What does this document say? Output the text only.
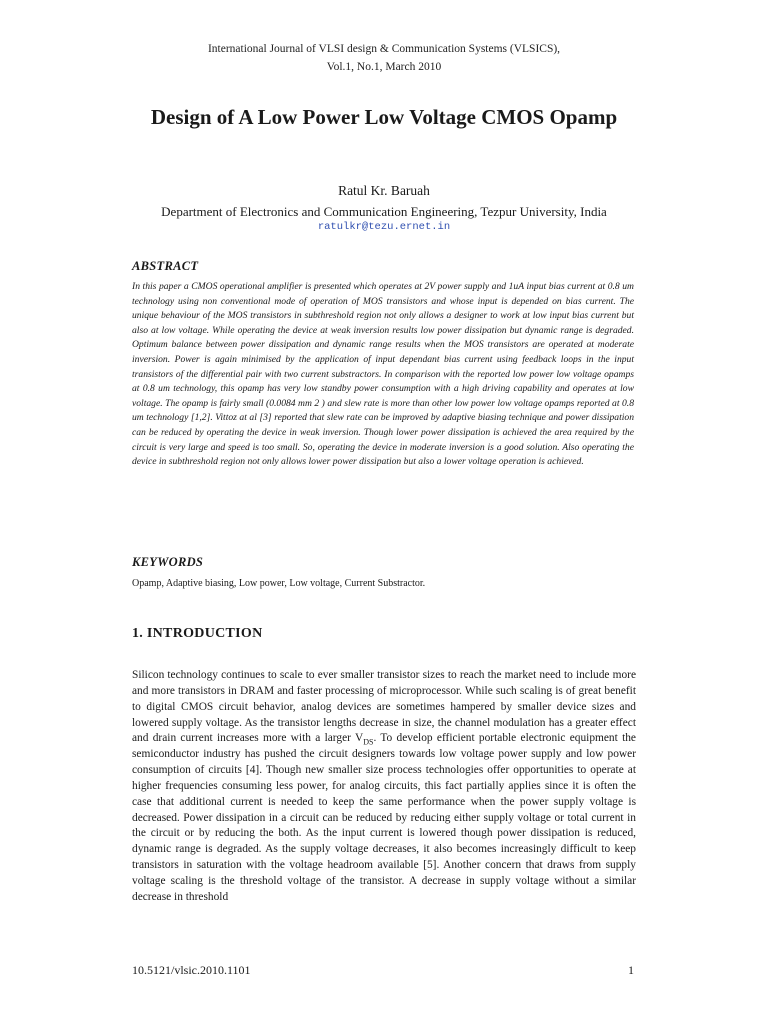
International Journal of VLSI design & Communication Systems (VLSICS),
Vol.1, No.1, March 2010
Design of A Low Power Low Voltage CMOS Opamp
Ratul Kr. Baruah
Department of Electronics and Communication Engineering, Tezpur University, India
ratulkr@tezu.ernet.in
ABSTRACT

In this paper a CMOS operational amplifier is presented which operates at 2V power supply and 1uA input bias current at 0.8 um technology using non conventional mode of operation of MOS transistors and whose input is depended on bias current. The unique behaviour of the MOS transistors in subthreshold region not only allows a designer to work at low input bias current but also at low voltage. While operating the device at weak inversion results low power dissipation but dynamic range is degraded. Optimum balance between power dissipation and dynamic range results when the MOS transistors are operated at moderate inversion. Power is again minimised by the application of input dependant bias current using feedback loops in the input transistors of the differential pair with two current substractors. In comparison with the reported low power low voltage opamps at 0.8 um technology, this opamp has very low standby power consumption with a high driving capability and operates at low voltage. The opamp is fairly small (0.0084 mm 2 ) and slew rate is more than other low power low voltage opamps reported at 0.8 um technology [1,2]. Vittoz at al [3] reported that slew rate can be improved by adaptive biasing technique and power dissipation can be reduced by operating the device in weak inversion. Though lower power dissipation is achieved the area required by the circuit is very large and speed is too small. So, operating the device in moderate inversion is a good solution. Also operating the device in subthreshold region not only allows lower power dissipation but also a lower voltage operation is achieved.

KEYWORDS

Opamp, Adaptive biasing, Low power, Low voltage, Current Substractor.

1. INTRODUCTION

Silicon technology continues to scale to ever smaller transistor sizes to reach the market need to include more and more transistors in DRAM and faster processing of microprocessor. While such scaling is of great benefit to digital CMOS circuit behavior, analog devices are sometimes hampered by smaller device sizes and lowered supply voltage. As the transistor lengths decrease in size, the channel modulation has a greater effect and drain current increases more with a larger $V_{DS}$. To develop efficient portable electronic equipment the semiconductor industry has pushed the circuit designers towards low voltage power supply and low power consumption of circuits [4]. Though new smaller size process technologies offer opportunities to operate at higher frequencies consuming less power, for analog circuits, this fact partially applies since it is often the case that additional current is needed to keep the same performance when the power supply voltage is decreased. Power dissipation in a circuit can be reduced by reducing either supply voltage or total current in the circuit or by reducing the both. As the input current is lowered though power dissipation is reduced, dynamic range is degraded. As the supply voltage decreases, it also becomes increasingly difficult to keep transistors in saturation with the voltage headroom available [5]. Another concern that draws from supply voltage scaling is the threshold voltage of the transistor. A decrease in supply voltage without a similar decrease in threshold

10.5121/vlsic.2010.1101	1
